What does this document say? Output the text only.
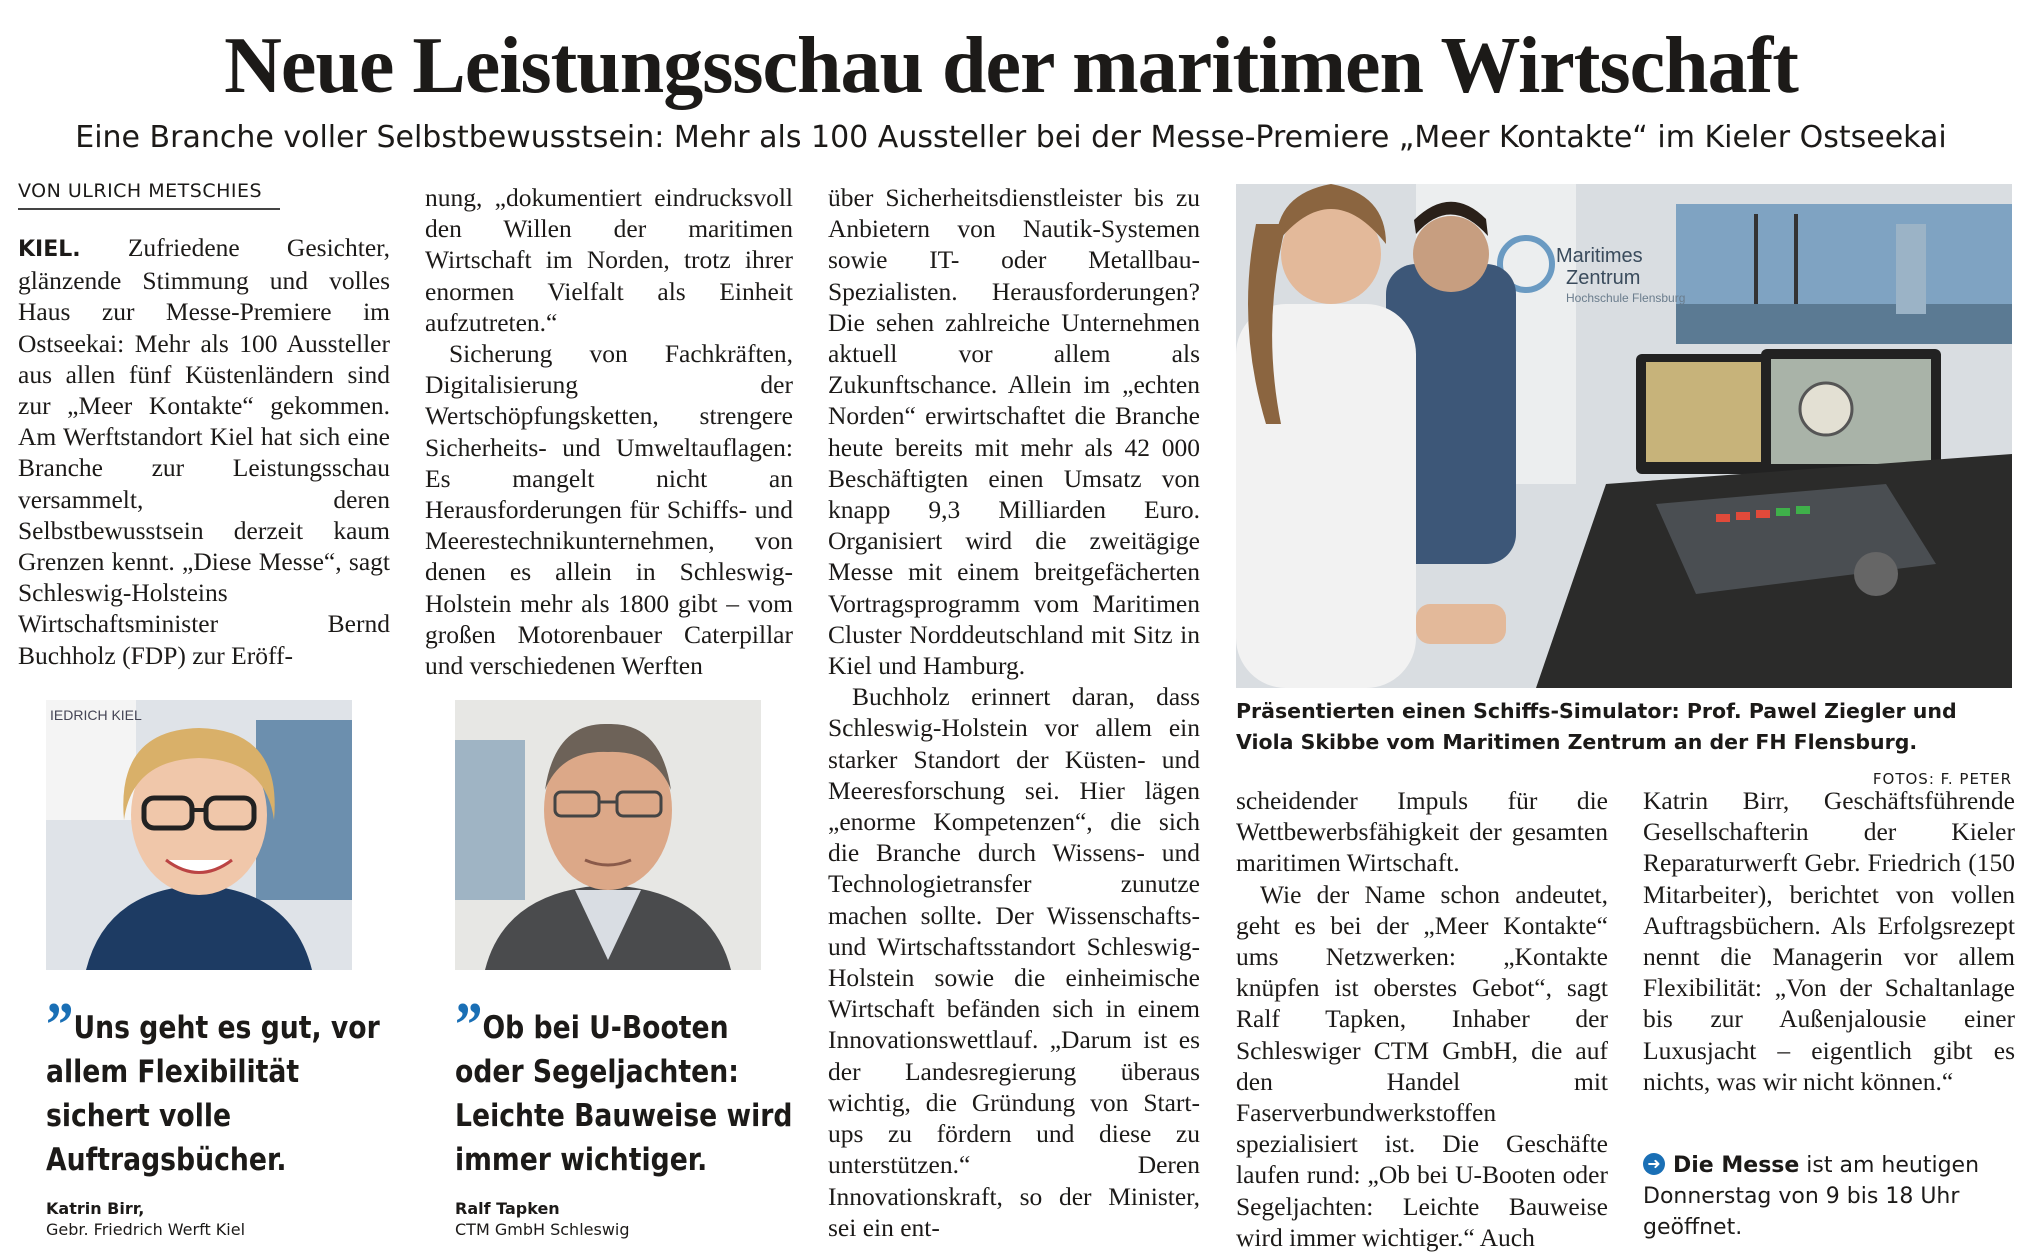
Neue Leistungsschau der maritimen Wirtschaft

Eine Branche voller Selbstbewusstsein: Mehr als 100 Aussteller bei der Messe-Premiere „Meer Kontakte“ im Kieler Ostseekai

VON ULRICH METSCHIES

KIEL. Zufriedene Gesichter, glänzende Stimmung und volles Haus zur Messe-Premiere im Ostseekai: Mehr als 100 Aussteller aus allen fünf Küstenländern sind zur „Meer Kontakte“ gekommen. Am Werftstandort Kiel hat sich eine Branche zur Leistungsschau versammelt, deren Selbstbewusstsein derzeit kaum Grenzen kennt. „Diese Messe“, sagt Schleswig-Holsteins Wirtschaftsminister Bernd Buchholz (FDP) zur Eröff-

nung, „dokumentiert eindrucksvoll den Willen der maritimen Wirtschaft im Norden, trotz ihrer enormen Vielfalt als Einheit aufzutreten.“

Sicherung von Fachkräften, Digitalisierung der Wertschöpfungsketten, strengere Sicherheits- und Umweltauflagen: Es mangelt nicht an Herausforderungen für Schiffs- und Meerestechnikunternehmen, von denen es allein in Schleswig-Holstein mehr als 1800 gibt – vom großen Motorenbauer Caterpillar und verschiedenen Werften

über Sicherheitsdienstleister bis zu Anbietern von Nautik-Systemen sowie IT- oder Metallbau-Spezialisten. Herausforderungen? Die sehen zahlreiche Unternehmen aktuell vor allem als Zukunftschance. Allein im „echten Norden“ erwirtschaftet die Branche heute bereits mit mehr als 42 000 Beschäftigten einen Umsatz von knapp 9,3 Milliarden Euro. Organisiert wird die zweitägige Messe mit einem breitgefächerten Vortragsprogramm vom Maritimen Cluster Norddeutschland mit Sitz in Kiel und Hamburg.

Buchholz erinnert daran, dass Schleswig-Holstein vor allem ein starker Standort der Küsten- und Meeresforschung sei. Hier lägen „enorme Kompetenzen“, die sich die Branche durch Wissens- und Technologietransfer zunutze machen sollte. Der Wissenschafts- und Wirtschaftsstandort Schleswig-Holstein sowie die einheimische Wirtschaft befänden sich in einem Innovationswettlauf. „Darum ist es der Landesregierung überaus wichtig, die Gründung von Start-ups zu fördern und diese zu unterstützen.“ Deren Innovationskraft, so der Minister, sei ein ent-

scheidender Impuls für die Wettbewerbsfähigkeit der gesamten maritimen Wirtschaft.

Wie der Name schon andeutet, geht es bei der „Meer Kontakte“ ums Netzwerken: „Kontakte knüpfen ist oberstes Gebot“, sagt Ralf Tapken, Inhaber der Schleswiger CTM GmbH, die auf den Handel mit Faserverbundwerkstoffen spezialisiert ist. Die Geschäfte laufen rund: „Ob bei U-Booten oder Segeljachten: Leichte Bauweise wird immer wichtiger.“ Auch

Katrin Birr, Geschäftsführende Gesellschafterin der Kieler Reparaturwerft Gebr. Friedrich (150 Mitarbeiter), berichtet von vollen Auftragsbüchern. Als Erfolgsrezept nennt die Managerin vor allem Flexibilität: „Von der Schaltanlage bis zur Außenjalousie einer Luxusjacht – eigentlich gibt es nichts, was wir nicht können.“

➜ Die Messe ist am heutigen Donnerstag von 9 bis 18 Uhr geöffnet.
Maritimes
Zentrum
Hochschule Flensburg
Präsentierten einen Schiffs-Simulator: Prof. Pawel Ziegler und Viola Skibbe vom Maritimen Zentrum an der FH Flensburg.
FOTOS: F. PETER
IEDRICH KIEL
” Uns geht es gut, vor allem Flexibilität sichert volle Auftragsbücher.
” Ob bei U-Booten oder Segeljachten: Leichte Bauweise wird immer wichtiger.
Katrin Birr,
Gebr. Friedrich Werft Kiel
Ralf Tapken
CTM GmbH Schleswig
